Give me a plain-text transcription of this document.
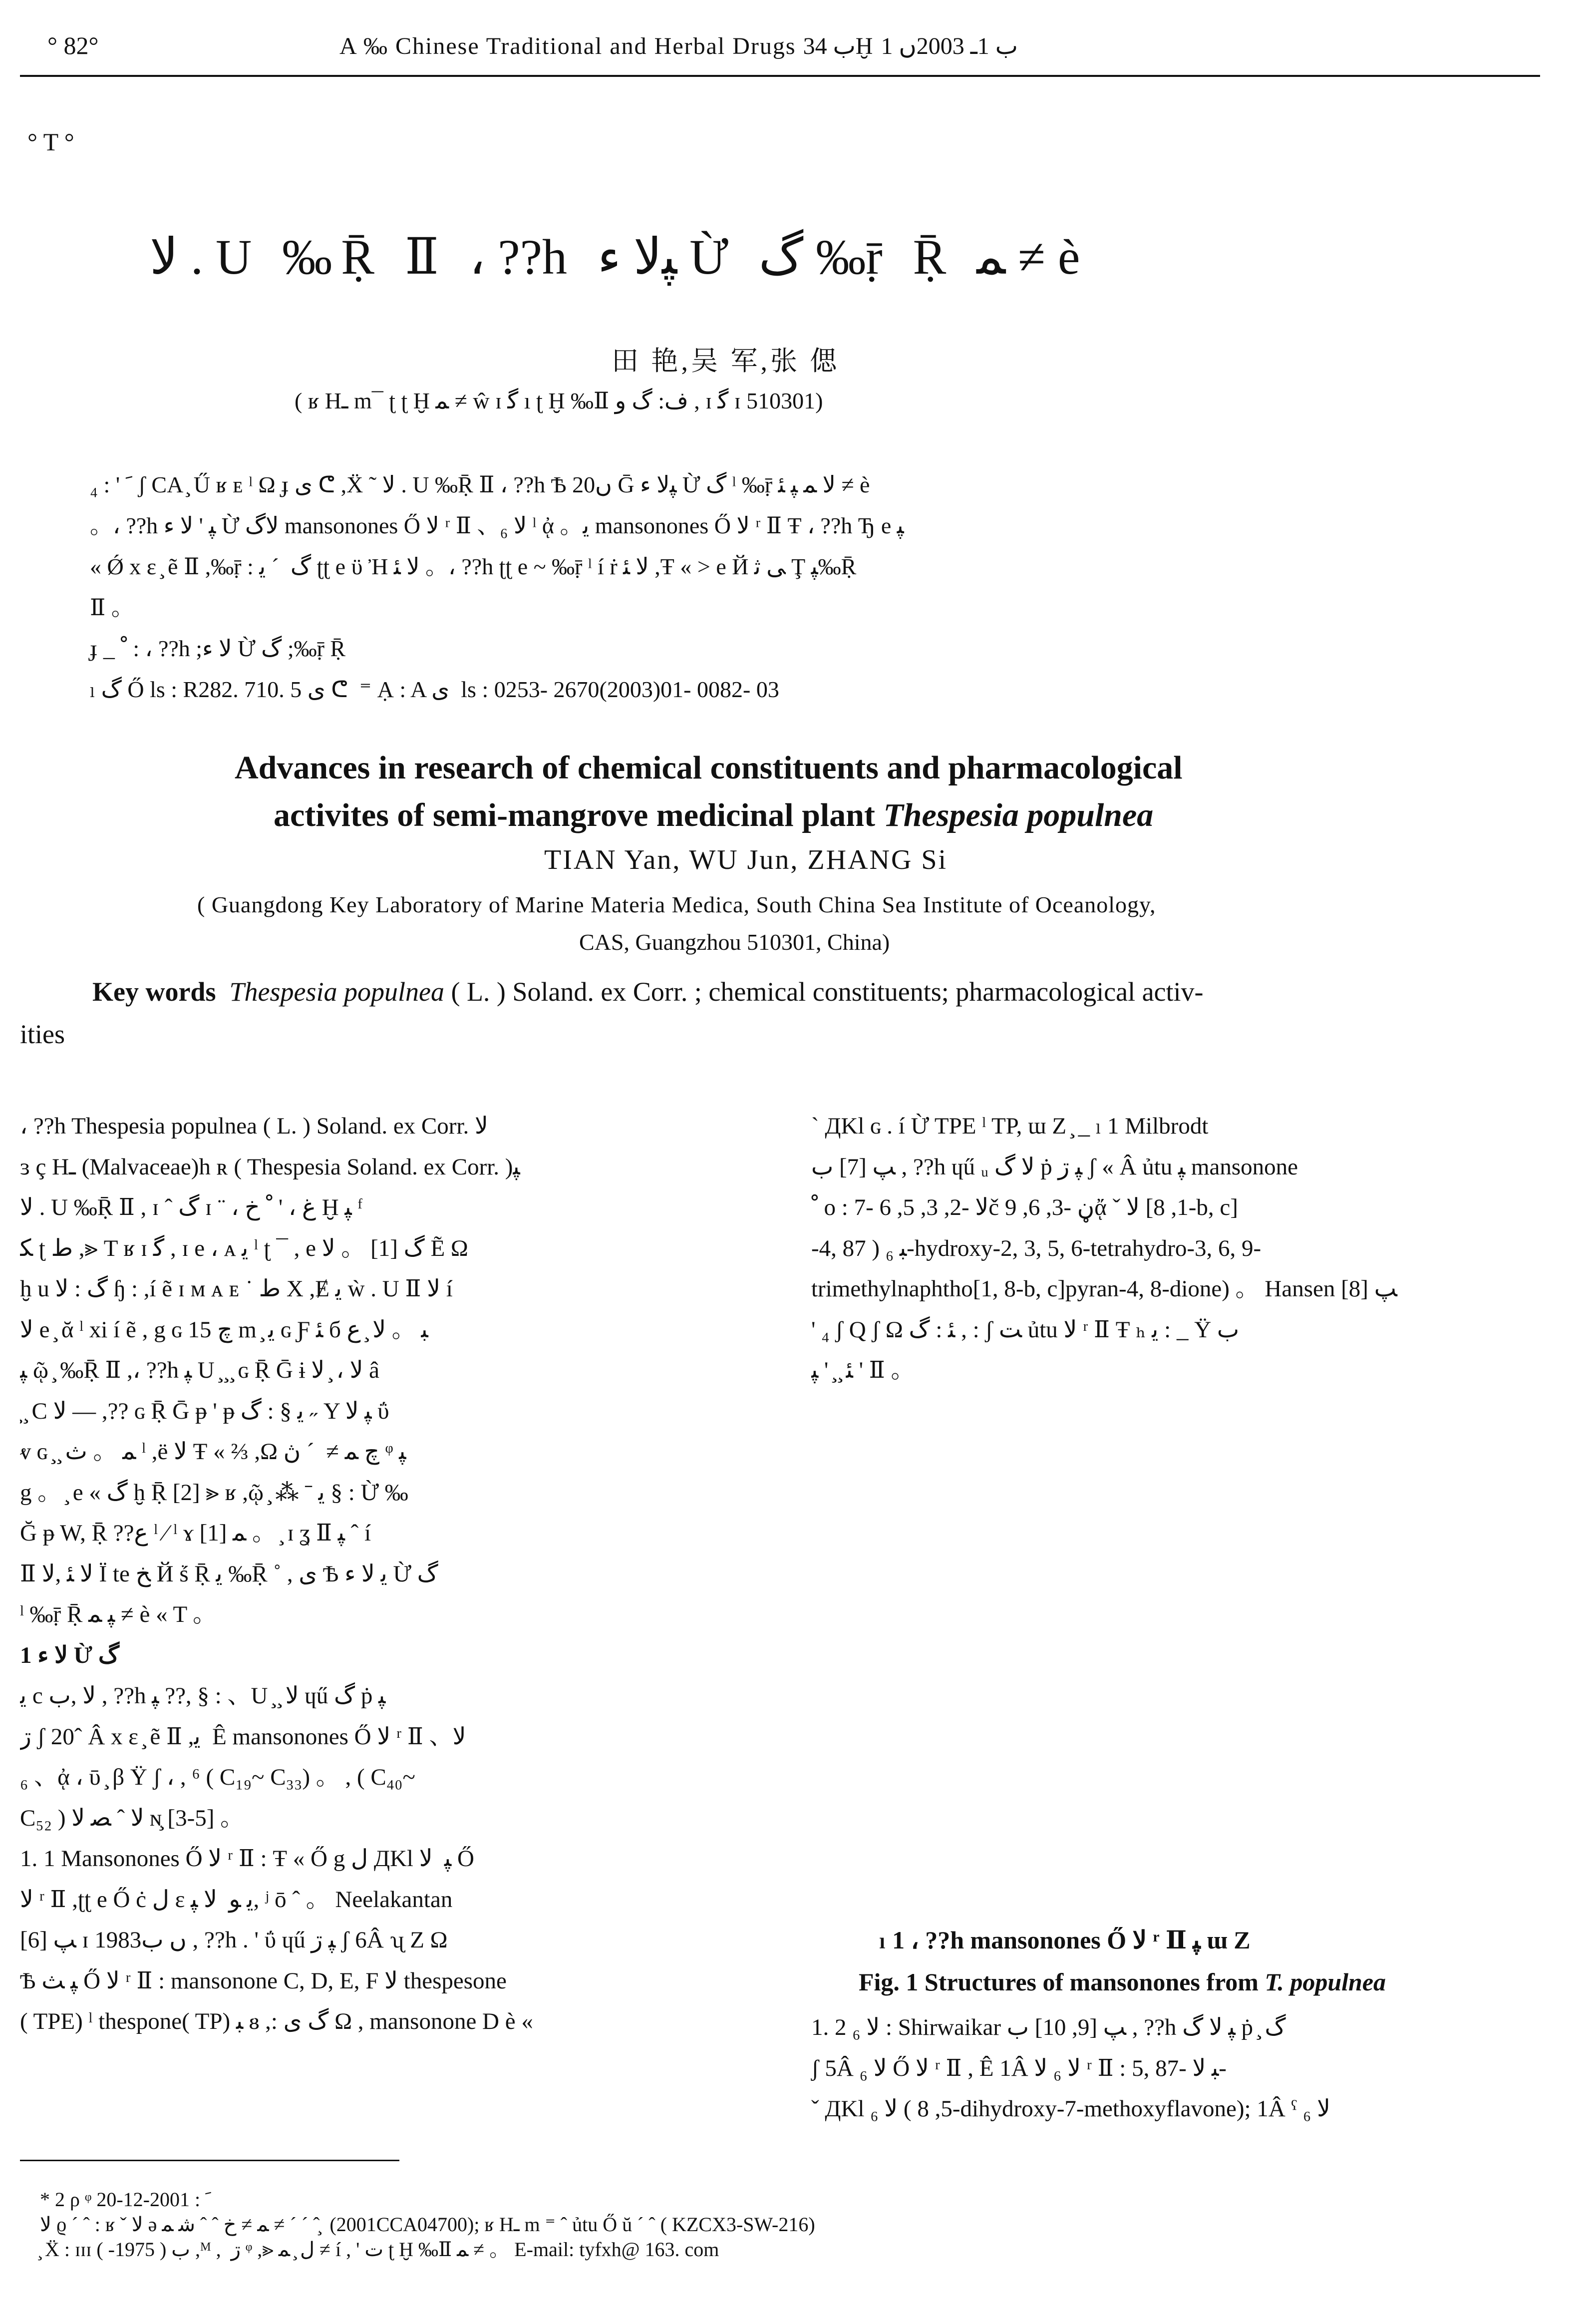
° 82°	A ‰ Chinese Traditional and Herbal Drugs ب 34Ḫ ب 1ـ 2003ں 1
° T °
ﻻ . U ‰Ṝ Ⅱ ، ??h ﭙﻻ ء Ừ ﮒ ‰ṝ Ṝ ﻤ ≠ è
田 艳,吴 军,张 偲
( ʁ Hـ m¯ ʈ ʈ Ḫ ﻤ ≠ ŵ ɪ ﮔ ı ʈ Ḫ ‰Ⅱ ﻑ: ﮒ و , ɪ ﮔ ɪ 510301)
ﹶ ' : ₄ ʃ CA ̧ Ű ʁ ᴇ ˡ Ω ɟ ى ᕦ ,Ẍ ˜ ﻻ . U ‰Ṝ Ⅱ ، ??h Ѣ 20ں Ḡ ﭙﻻ ء Ừ ﮒ ˡ ‰ṝ ﻻ ﻤ ﭙ ﺌ ≠ è
。، ??h ﭙ ' ﻻ ء Ừ ﻻﮒ mansonones Ő ﻻ ʳ Ⅱ 、ﻻ ₆ ˡ ᾀ 。ﯾ mansonones Ő ﻻ ʳ Ⅱ Ŧ ، ??h Ђ e ﭙ
« Ǿ x ɛ ̧ ẽ Ⅱ ,‰ṝ : ﮒ ͏ ´ ﯾ ʈʈ e ϋ Ἠ ﻻ ﺌ 。، ??h ʈʈ e ~ ‰ṝ ˡ í ṙ ﻻ ﺌ ,Ŧ « > e Й ﯽ ﺛ Ţ ﭙ‰Ṝ
Ⅱ 。
ɟ _ ﹾ : ، ??h ;ﻻ ء Ừ ﮒ ;‰ṝ Ṝ
ₗ ﮒ Ő ls : R282. 710. 5 ى ᕦ ͏ ⁼ Ạ : A ى ͏ ls : 0253- 2670(2003)01- 0082- 03
Advances in research of chemical constituents and pharmacological
activites of semi-mangrove medicinal plant Thespesia populnea
TIAN Yan, WU Jun, ZHANG Si
( Guangdong Key Laboratory of Marine Materia Medica, South China Sea Institute of Oceanology,
CAS, Guangzhou 510301, China)
Key words Thespesia populnea ( L. ) Soland. ex Corr. ; chemical constituents; pharmacological activ-
ities
، ??h Thespesia populnea ( L. ) Soland. ex Corr. ﻻ
ɜ ç Hـ (Malvaceae)h ʀ ( Thespesia Soland. ex Corr. )ﭙ
ﻻ . U ‰Ṝ Ⅱ , ɪ ˆ ﮒ ɪ ¨ ، ﻍ ، ' ﹾ ﺥ Ḫ ﭙ ᶠ
ﻜ ʈ ﻁ ,⪢ T ʁ ɪ ﮔ , ɪ e ، ᴀ ﯾ ˡ ʈ ¯ , e ﮒ [1] 。 ﻻ Ẽ Ω
ḫ u ﮒ : ﻻ ɧ : ,í ẽ ɪ ᴍ ᴀ ᴇ ˙ ﻁ Χ ,Ɇ ﯾ ẁ . U Ⅱ ﻻ í
ﻻ e ̧ ᾰ ˡ xi í ẽ , g ɢ ﭺ 15 m ̧ ﯾ ɢ Ƒ ﺌ б ﺒ 。 ﻻ ̧ ﻉ
ﭙ ῷ ̧ ‰Ṝ Ⅱ ,، ??h ﭙ U ̧ ̧ ̧ ɢ Ṝ Ḡ ɨ ﻻ ، ̧ ﻻ â
̧ ̧ C ﻻ — ,?? ɢ Ṝ Ḡ ᵽ ' ᵽ ﯾ § : ﮒ ˶ Υ ﭙ ﻻ ΰ
ⱴ ɢ ̧ ̧ ﻤ 。 ﺙ ˡ ,ë ﻻ Ŧ « ⅔ ,Ω ﭺ ﻤ ≠ ͏ ´ ڽ ᵠ ﭙ
g 。 ̧ e « ﮒ ḫ Ṝ [2] ⪢ ʁ ,ῷ ̧ ⁂ ˉ ﯾ § : Ừ ‰
Ğ ᵽ W, Ṝ ??ﻉ ˡ ⁄ ˡ ɤ ﻤ [1] 。 ̧ ɪ ʓ Ⅱ ﭙ ˆ í
Ⅱ ﻻ ﺌ ,ﻻ Ï te ﺦ Й ṥ Ṝ ﯾ ‰Ṝ ˚ ,͏ ى Ѣ ﯾ ﻻ ء Ừ ﮒ
ˡ ‰ṝ Ṝ ﭙ ﻤ ≠ è « T 。
1 ﻻ ء Ừ ﮒ
ﯾ c ﻻ ,ﺏ , ??h ﭙ ??, § : 、U ̧ ̧ ﻻ ɥű ﮒ ṗ ﭙ
ڗ ʃ 20ˆ Â x ɛ ̧ ẽ Ⅱ ,ﯾ ͏ Ê mansonones Ő ﻻ ʳ Ⅱ 、ﻻ
₆ 、ᾀ ، ῡ ̧ β Ÿ ʃ ، , ⁶ ( C₁₉~ C₃₃) 。 , ( C₄₀~
C₅₂ ) ﻻ ˆ ﺼ ﻻ ɴ̧ [3-5] 。
1. 1 Mansonones Ő ﻻ ʳ Ⅱ : Ŧ « Ő g ﻝ ДKl ﭙ ͏ ﻻ Ő
ﻻ ʳ Ⅱ ,ʈʈ e Ő ċ ﻝ ɛ ﯾ ﻮ ͏ ﻻ ﭙ, ʲ ō ˆ 。 Neelakantan
ﭗ [6] ɪ 1983ں ﺏ , ??h . ' ΰ ɥű ﭙ ڗ ʃ 6Â ʯ Z Ω
Ѣ ﭙ ﺚ Ő ﻻ ʳ Ⅱ : mansonone C, D, E, F ﻻ thespesone
( TPE) ˡ thespone( TP) ﺒ ᴕ ,: ﮒ ى Ω , mansonone D è «
` ДKl ɢ . í Ừ TPE ˡ TP, ɯ Z ̧ _ ₗ 1 Milbrodt
ﭗ [7] ﺏ , ??h ɥű ᵤ ﻻ ﮒ ṗ ﭙ ڗ ʃ « Â ủtu ﭙ mansonone
ﹾ o : 7- ﻻ -2, 3, 5, 6č ڼ -3, 6, 9ᾄ ˇ ﻻ [1, 8-b, c]
-4, 8ﺒ ₆ ( 7-hydroxy-2, 3, 5, 6-tetrahydro-3, 6, 9-
trimethylnaphtho[1, 8-b, c]pyran-4, 8-dione) 。 Hansen ﭗ [8]
' ₄ ʃ Q ʃ Ω ﺌ : ﮒ , : ʃ ﺖ ủtu ﻻ ʳ Ⅱ Ŧ ₕ ﯾ : _ Ÿ ﺏ
ﺌ ̧ ̧ ' ﭙ ' Ⅱ 。
ₗ 1 ، ??h mansonones Ő ﻻ ʳ Ⅱ ﭙ ɯ Z
Fig. 1 Structures of mansonones from T. populnea
1. 2 ﻻ ₆ : Shirwaikar ﭗ [9, 10] ﺏ , ??h ﭙ ﻻ ﮒ ṗ ̧ ﮒ
ʃ 5Â ﻻ ₆ Ő ﻻ ʳ Ⅱ ,͏ Ê 1Â ﻻ ₆ ﻻ ʳ Ⅱ : 5, 8ﺒ ﻻ -7-
ˇ ДKl ﻻ ₆ ( 5, 8-dihydroxy-7-methoxyflavone); 1Â ˁ ﻻ ₆
* 2 ρ ᵠ ﹶ : 2001-12-20
ﻻ ϱ ´ ˆ : ʁ ˇ ﻻ ə ﻤ ≠ ﺥ ˆ ˆ ﺷ ﻤ ≠ ´ ´ ˆ ̧ (2001CCA04700); ʁ Hـ m ⁼ ˆ ủtu Ő ŭ ´ ˆ ( KZCX3-SW-216)
̧ Ẍ : ɪɪɪ ﺏ ( 1975- ) ,ᴹ , ͏ ڗ ᵠ ,⪢ ﻝ ̧ ﻤ ≠ í , ' ﺕ ʈ Ḫ ‰Ⅱ ﻤ ≠ 。 E-mail: tyfxh@ 163. com
